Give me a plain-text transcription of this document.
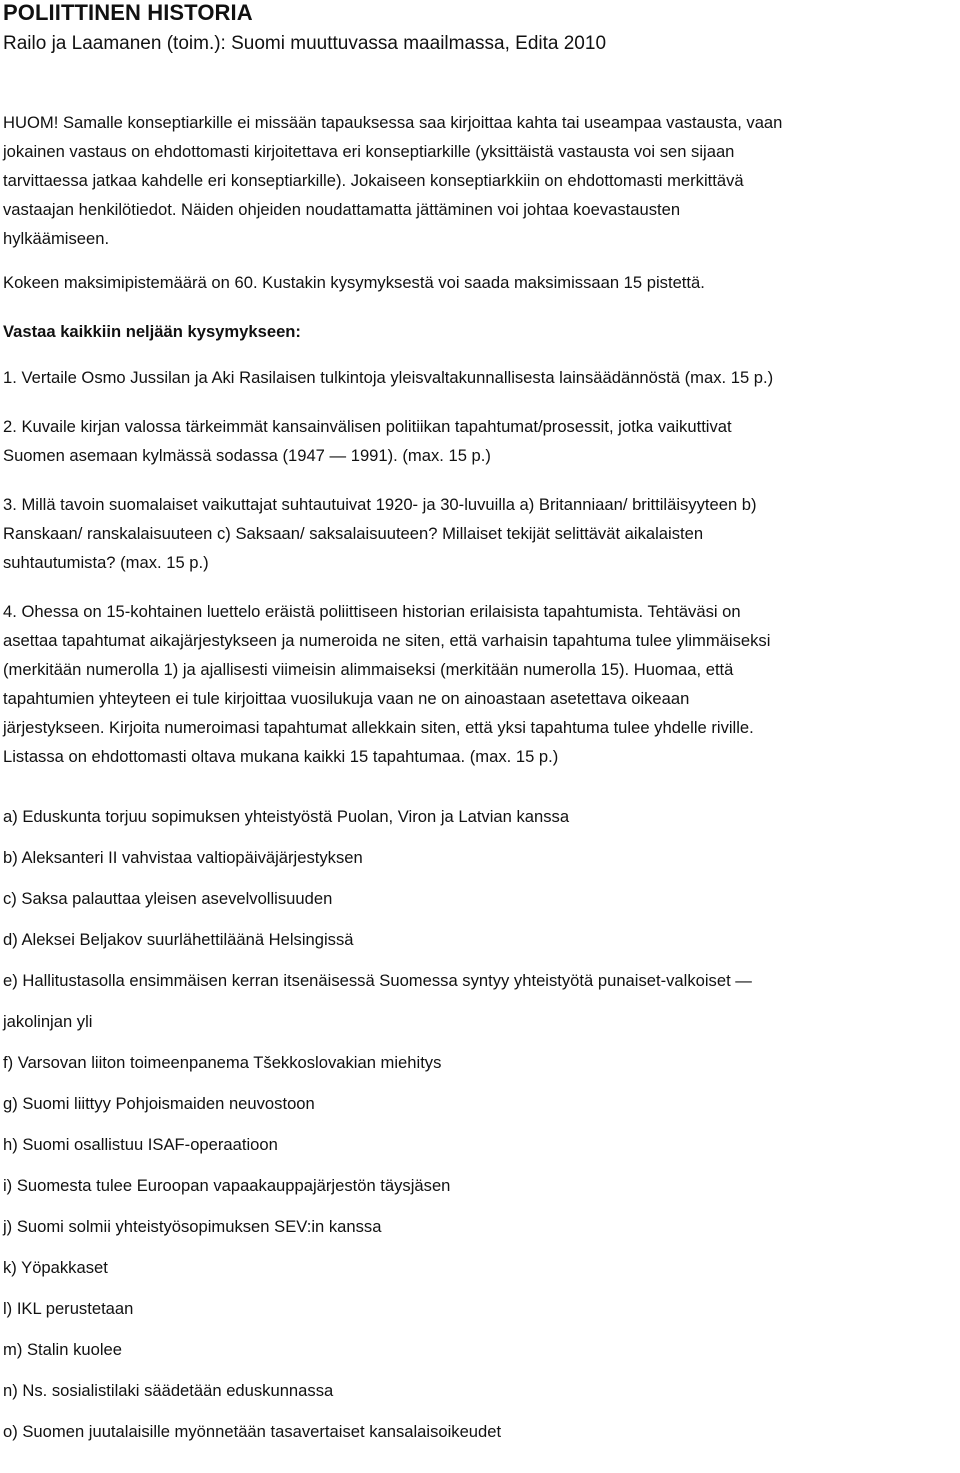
POLIITTINEN HISTORIA

Railo ja Laamanen (toim.): Suomi muuttuvassa maailmassa, Edita 2010

HUOM! Samalle konseptiarkille ei missään tapauksessa saa kirjoittaa kahta tai useampaa vastausta, vaan

jokainen vastaus on ehdottomasti kirjoitettava eri konseptiarkille (yksittäistä vastausta voi sen sijaan

tarvittaessa jatkaa kahdelle eri konseptiarkille). Jokaiseen konseptiarkkiin on ehdottomasti merkittävä

vastaajan henkilötiedot. Näiden ohjeiden noudattamatta jättäminen voi johtaa koevastausten

hylkäämiseen.

Kokeen maksimipistemäärä on 60. Kustakin kysymyksestä voi saada maksimissaan 15 pistettä.

Vastaa kaikkiin neljään kysymykseen:

1. Vertaile Osmo Jussilan ja Aki Rasilaisen tulkintoja yleisvaltakunnallisesta lainsäädännöstä (max. 15 p.)

2. Kuvaile kirjan valossa tärkeimmät kansainvälisen politiikan tapahtumat/prosessit, jotka vaikuttivat

Suomen asemaan kylmässä sodassa (1947 — 1991). (max. 15 p.)

3. Millä tavoin suomalaiset vaikuttajat suhtautuivat 1920- ja 30-luvuilla a) Britanniaan/ brittiläisyyteen b)

Ranskaan/ ranskalaisuuteen c) Saksaan/ saksalaisuuteen? Millaiset tekijät selittävät aikalaisten

suhtautumista? (max. 15 p.)

4. Ohessa on 15-kohtainen luettelo eräistä poliittiseen historian erilaisista tapahtumista. Tehtäväsi on

asettaa tapahtumat aikajärjestykseen ja numeroida ne siten, että varhaisin tapahtuma tulee ylimmäiseksi

(merkitään numerolla 1) ja ajallisesti viimeisin alimmaiseksi (merkitään numerolla 15). Huomaa, että

tapahtumien yhteyteen ei tule kirjoittaa vuosilukuja vaan ne on ainoastaan asetettava oikeaan

järjestykseen. Kirjoita numeroimasi tapahtumat allekkain siten, että yksi tapahtuma tulee yhdelle riville.

Listassa on ehdottomasti oltava mukana kaikki 15 tapahtumaa. (max. 15 p.)

a) Eduskunta torjuu sopimuksen yhteistyöstä Puolan, Viron ja Latvian kanssa

b) Aleksanteri II vahvistaa valtiopäiväjärjestyksen

c) Saksa palauttaa yleisen asevelvollisuuden

d) Aleksei Beljakov suurlähettiläänä Helsingissä

e) Hallitustasolla ensimmäisen kerran itsenäisessä Suomessa syntyy yhteistyötä punaiset-valkoiset —

jakolinjan yli

f) Varsovan liiton toimeenpanema Tšekkoslovakian miehitys

g) Suomi liittyy Pohjoismaiden neuvostoon

h) Suomi osallistuu ISAF-operaatioon

i) Suomesta tulee Euroopan vapaakauppajärjestön täysjäsen

j) Suomi solmii yhteistyösopimuksen SEV:in kanssa

k) Yöpakkaset

l) IKL perustetaan

m) Stalin kuolee

n) Ns. sosialistilaki säädetään eduskunnassa

o) Suomen juutalaisille myönnetään tasavertaiset kansalaisoikeudet
